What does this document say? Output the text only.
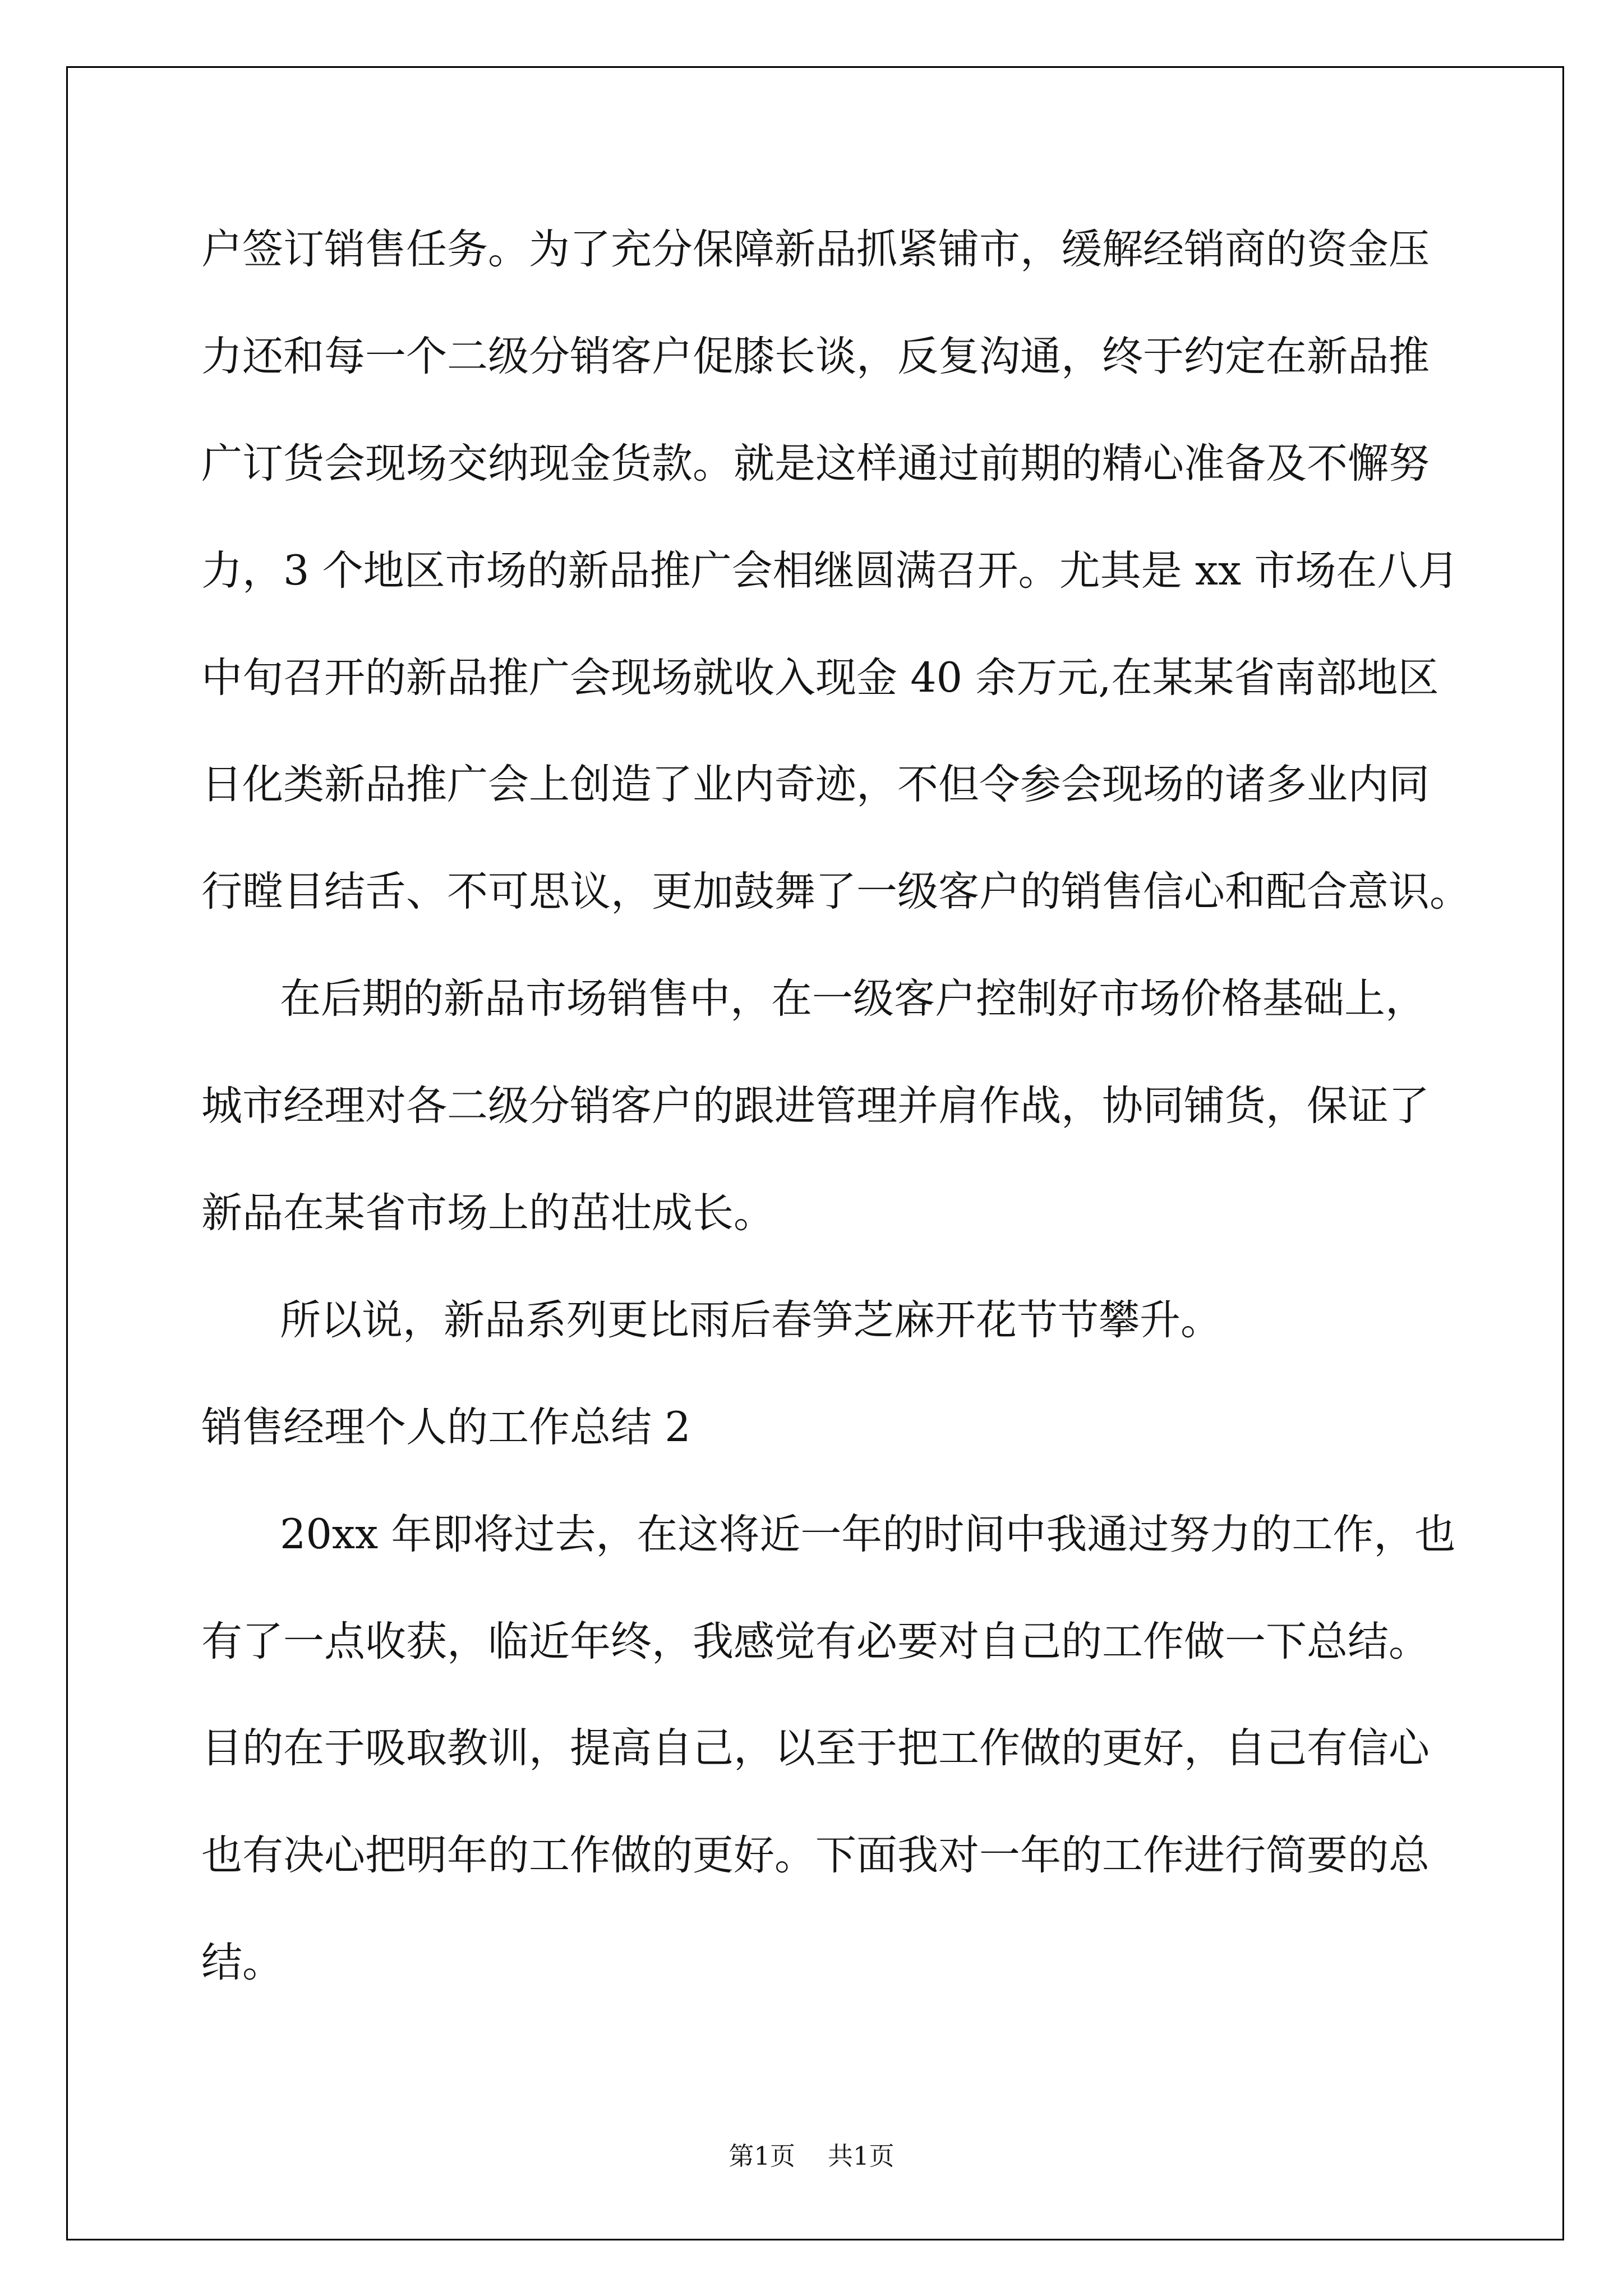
户签订销售任务。为了充分保障新品抓紧铺市，缓解经销商的资金压
力还和每一个二级分销客户促膝长谈，反复沟通，终于约定在新品推
广订货会现场交纳现金货款。就是这样通过前期的精心准备及不懈努
力，3 个地区市场的新品推广会相继圆满召开。尤其是 xx 市场在八月
中旬召开的新品推广会现场就收入现金 40 余万元,在某某省南部地区
日化类新品推广会上创造了业内奇迹，不但令参会现场的诸多业内同
行瞠目结舌、不可思议，更加鼓舞了一级客户的销售信心和配合意识。
在后期的新品市场销售中，在一级客户控制好市场价格基础上，
城市经理对各二级分销客户的跟进管理并肩作战，协同铺货，保证了
新品在某省市场上的茁壮成长。
所以说，新品系列更比雨后春笋芝麻开花节节攀升。
销售经理个人的工作总结 2
20xx 年即将过去，在这将近一年的时间中我通过努力的工作，也
有了一点收获，临近年终，我感觉有必要对自己的工作做一下总结。
目的在于吸取教训，提高自己，以至于把工作做的更好，自己有信心
也有决心把明年的工作做的更好。下面我对一年的工作进行简要的总
结。
第1页 共1页
